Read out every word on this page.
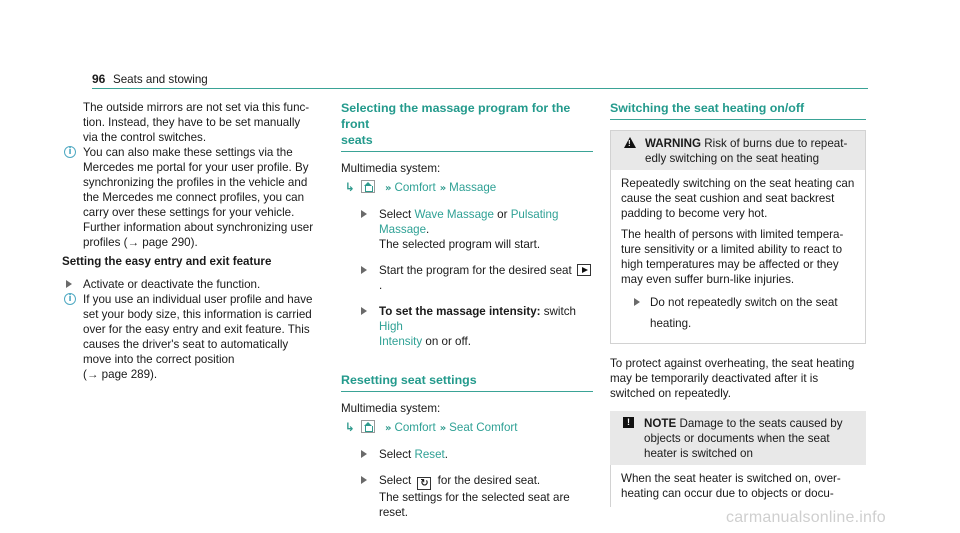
96 Seats and stowing

The outside mirrors are not set via this func-

tion. Instead, they have to be set manually

via the control switches.

i You can also make these settings via the

Mercedes me portal for your user profile. By

synchronizing the profiles in the vehicle and

the Mercedes me connect profiles, you can

carry over these settings for your vehicle.

Further information about synchronizing user

profiles (→ page 290).

Setting the easy entry and exit feature

Activate or deactivate the function.

i If you use an individual user profile and have

set your body size, this information is carried

over for the easy entry and exit feature. This

causes the driver's seat to automatically

move into the correct position

(→ page 289).

Selecting the massage program for the front

seats

Multimedia system:

↳	» Comfort » Massage

Select Wave Massage or Pulsating Massage.

The selected program will start.

Start the program for the desired seat .

To set the massage intensity: switch High

Intensity on or off.

Resetting seat settings

Multimedia system:

↳	» Comfort » Seat Comfort

Select Reset.

Select ↻ for the desired seat.

The settings for the selected seat are reset.

Switching the seat heating on/off
!

WARNING Risk of burns due to repeat-

edly switching on the seat heating

Repeatedly switching on the seat heating can
cause the seat cushion and seat backrest
padding to become very hot.

The health of persons with limited tempera-
ture sensitivity or a limited ability to react to
high temperatures may be affected or they
may even suffer burn-like injuries.

Do not repeatedly switch on the seat

heating.

To protect against overheating, the seat heating

may be temporarily deactivated after it is

switched on repeatedly.

!	NOTE Damage to the seats caused by

objects or documents when the seat

heater is switched on

When the seat heater is switched on, over-

heating can occur due to objects or docu-

carmanualsonline.info
